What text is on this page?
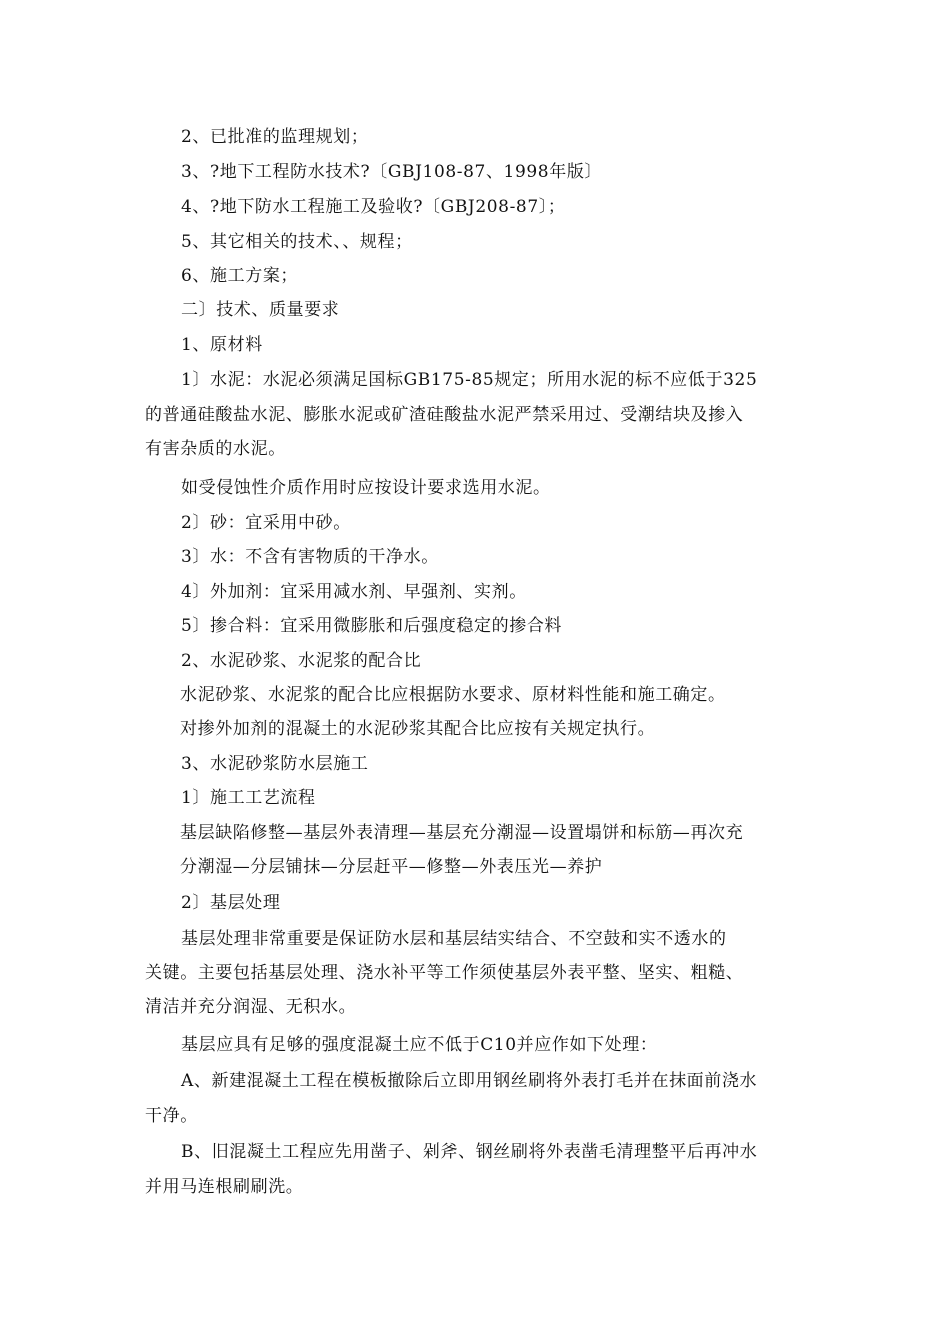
2、已批准的监理规划；
3、?地下工程防水技术?〔GBJ108-87、1998年版〕
4、?地下防水工程施工及验收?〔GBJ208-87〕；
5、其它相关的技术、、规程；
6、施工方案；
二〕技术、质量要求
1、原材料
1〕水泥：水泥必须满足国标GB175-85规定；所用水泥的标不应低于325
的普通硅酸盐水泥、膨胀水泥或矿渣硅酸盐水泥严禁采用过、受潮结块及掺入
有害杂质的水泥。
如受侵蚀性介质作用时应按设计要求选用水泥。
2〕砂：宜采用中砂。
3〕水：不含有害物质的干净水。
4〕外加剂：宜采用减水剂、早强剂、实剂。
5〕掺合料：宜采用微膨胀和后强度稳定的掺合料
2、水泥砂浆、水泥浆的配合比
水泥砂浆、水泥浆的配合比应根据防水要求、原材料性能和施工确定。
对掺外加剂的混凝土的水泥砂浆其配合比应按有关规定执行。
3、水泥砂浆防水层施工
1〕施工工艺流程
基层缺陷修整—基层外表清理—基层充分潮湿—设置塌饼和标筋—再次充
分潮湿—分层铺抹—分层赶平—修整—外表压光—养护
2〕基层处理
基层处理非常重要是保证防水层和基层结实结合、不空鼓和实不透水的
关键。主要包括基层处理、浇水补平等工作须使基层外表平整、坚实、粗糙、
清洁并充分润湿、无积水。
基层应具有足够的强度混凝土应不低于C10并应作如下处理：
A、新建混凝土工程在模板撤除后立即用钢丝刷将外表打毛并在抹面前浇水
干净。
B、旧混凝土工程应先用凿子、剁斧、钢丝刷将外表凿毛清理整平后再冲水
并用马连根刷刷洗。
